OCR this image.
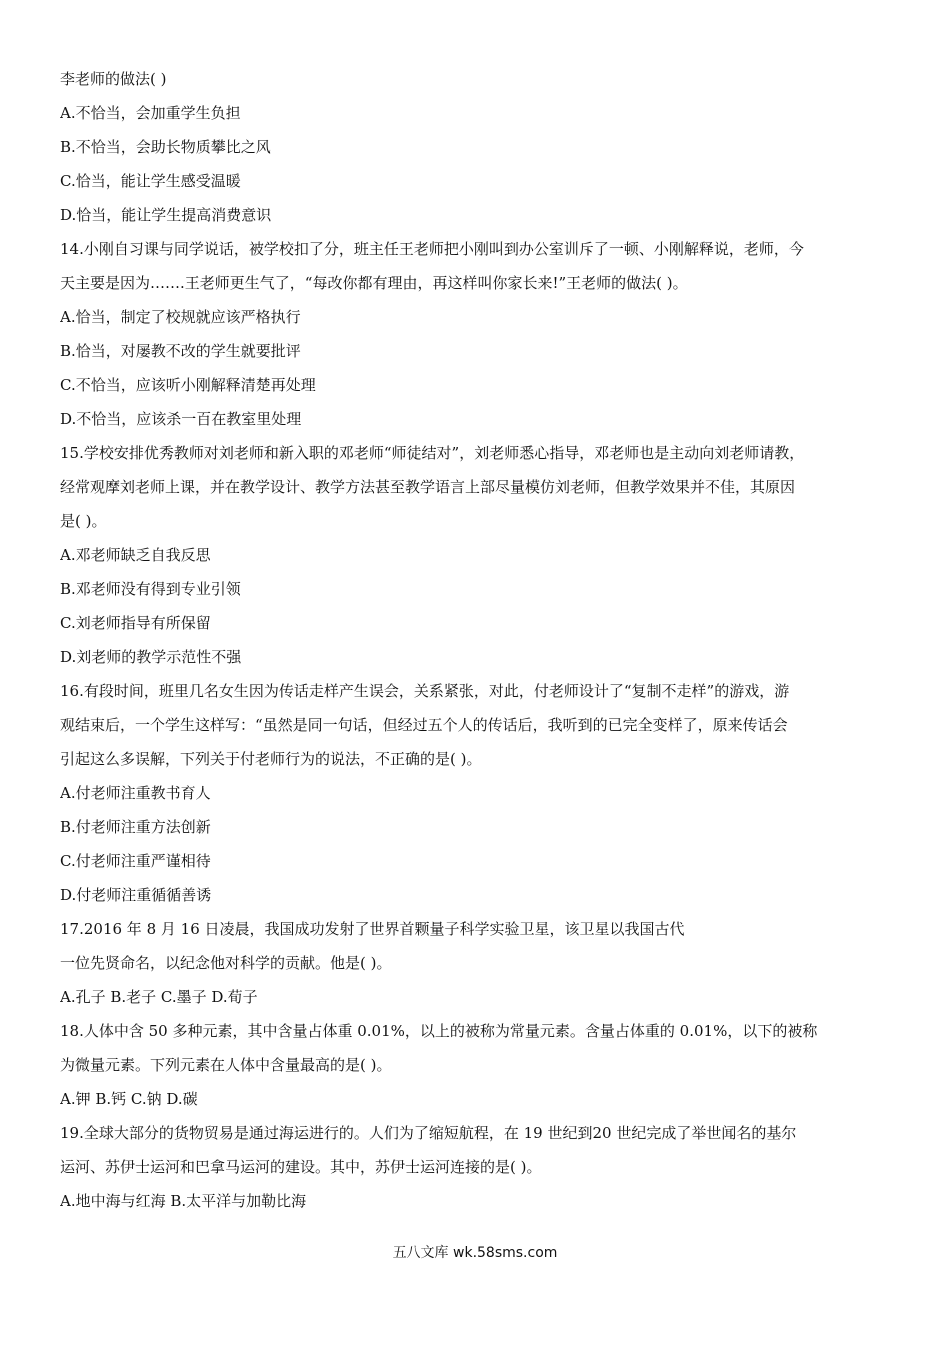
李老师的做法( )

A.不恰当，会加重学生负担

B.不恰当，会助长物质攀比之风

C.恰当，能让学生感受温暖

D.恰当，能让学生提高消费意识

14.小刚自习课与同学说话，被学校扣了分，班主任王老师把小刚叫到办公室训斥了一顿、小刚解释说，老师，今

天主要是因为…….王老师更生气了，“每改你都有理由，再这样叫你家长来!”王老师的做法( )。

A.恰当，制定了校规就应该严格执行

B.恰当，对屡教不改的学生就要批评

C.不恰当，应该听小刚解释清楚再处理

D.不恰当，应该杀一百在教室里处理

15.学校安排优秀教师对刘老师和新入职的邓老师“师徒结对”，刘老师悉心指导，邓老师也是主动向刘老师请教，

经常观摩刘老师上课，并在教学设计、教学方法甚至教学语言上部尽量模仿刘老师，但教学效果并不佳，其原因

是( )。

A.邓老师缺乏自我反思

B.邓老师没有得到专业引领

C.刘老师指导有所保留

D.刘老师的教学示范性不强

16.有段时间，班里几名女生因为传话走样产生误会，关系紧张，对此，付老师设计了“复制不走样”的游戏，游

观结束后，一个学生这样写：“虽然是同一句话，但经过五个人的传话后，我听到的已完全变样了，原来传话会

引起这么多误解，下列关于付老师行为的说法，不正确的是( )。

A.付老师注重教书育人

B.付老师注重方法创新

C.付老师注重严谨相待

D.付老师注重循循善诱

17.2016 年 8 月 16 日凌晨，我国成功发射了世界首颗量子科学实验卫星，该卫星以我国古代

一位先贤命名，以纪念他对科学的贡献。他是( )。

A.孔子 B.老子 C.墨子 D.荀子

18.人体中含 50 多种元素，其中含量占体重 0.01%，以上的被称为常量元素。含量占体重的 0.01%，以下的被称

为微量元素。下列元素在人体中含量最高的是( )。

A.钾 B.钙 C.钠 D.碳

19.全球大部分的货物贸易是通过海运进行的。人们为了缩短航程，在 19 世纪到20 世纪完成了举世闻名的基尔

运河、苏伊士运河和巴拿马运河的建设。其中，苏伊士运河连接的是( )。

A.地中海与红海 B.太平洋与加勒比海

五八文库 wk.58sms.com
